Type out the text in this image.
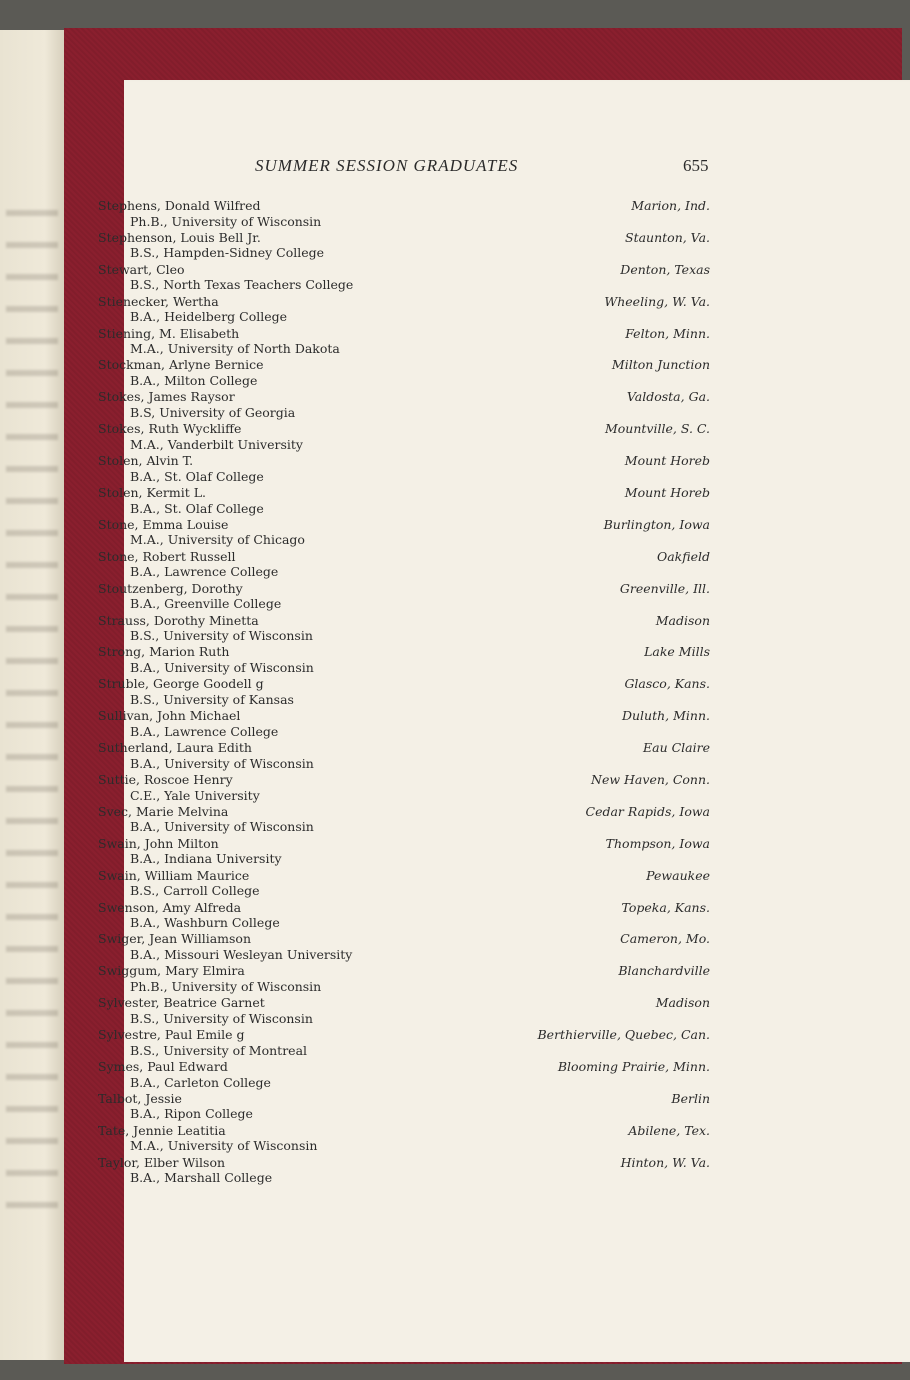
SUMMER SESSION GRADUATES	655
Stephens, Donald Wilfred
Ph.B., University of Wisconsin
Marion, Ind.
Stephenson, Louis Bell Jr.
B.S., Hampden-Sidney College
Staunton, Va.
Stewart, Cleo
B.S., North Texas Teachers College
Denton, Texas
Stienecker, Wertha
B.A., Heidelberg College
Wheeling, W. Va.
Stiening, M. Elisabeth
M.A., University of North Dakota
Felton, Minn.
Stockman, Arlyne Bernice
B.A., Milton College
Milton Junction
Stokes, James Raysor
B.S, University of Georgia
Valdosta, Ga.
Stokes, Ruth Wyckliffe
M.A., Vanderbilt University
Mountville, S. C.
Stolen, Alvin T.
B.A., St. Olaf College
Mount Horeb
Stolen, Kermit L.
B.A., St. Olaf College
Mount Horeb
Stone, Emma Louise
M.A., University of Chicago
Burlington, Iowa
Stone, Robert Russell
B.A., Lawrence College
Oakfield
Stoutzenberg, Dorothy
B.A., Greenville College
Greenville, Ill.
Strauss, Dorothy Minetta
B.S., University of Wisconsin
Madison
Strong, Marion Ruth
B.A., University of Wisconsin
Lake Mills
Struble, George Goodell g
B.S., University of Kansas
Glasco, Kans.
Sullivan, John Michael
B.A., Lawrence College
Duluth, Minn.
Sutherland, Laura Edith
B.A., University of Wisconsin
Eau Claire
Suttie, Roscoe Henry
C.E., Yale University
New Haven, Conn.
Svec, Marie Melvina
B.A., University of Wisconsin
Cedar Rapids, Iowa
Swain, John Milton
B.A., Indiana University
Thompson, Iowa
Swain, William Maurice
B.S., Carroll College
Pewaukee
Swenson, Amy Alfreda
B.A., Washburn College
Topeka, Kans.
Swiger, Jean Williamson
B.A., Missouri Wesleyan University
Cameron, Mo.
Swiggum, Mary Elmira
Ph.B., University of Wisconsin
Blanchardville
Sylvester, Beatrice Garnet
B.S., University of Wisconsin
Madison
Sylvestre, Paul Emile g
B.S., University of Montreal
Berthierville, Quebec, Can.
Symes, Paul Edward
B.A., Carleton College
Blooming Prairie, Minn.
Talbot, Jessie
B.A., Ripon College
Berlin
Tate, Jennie Leatitia
M.A., University of Wisconsin
Abilene, Tex.
Taylor, Elber Wilson
B.A., Marshall College
Hinton, W. Va.
